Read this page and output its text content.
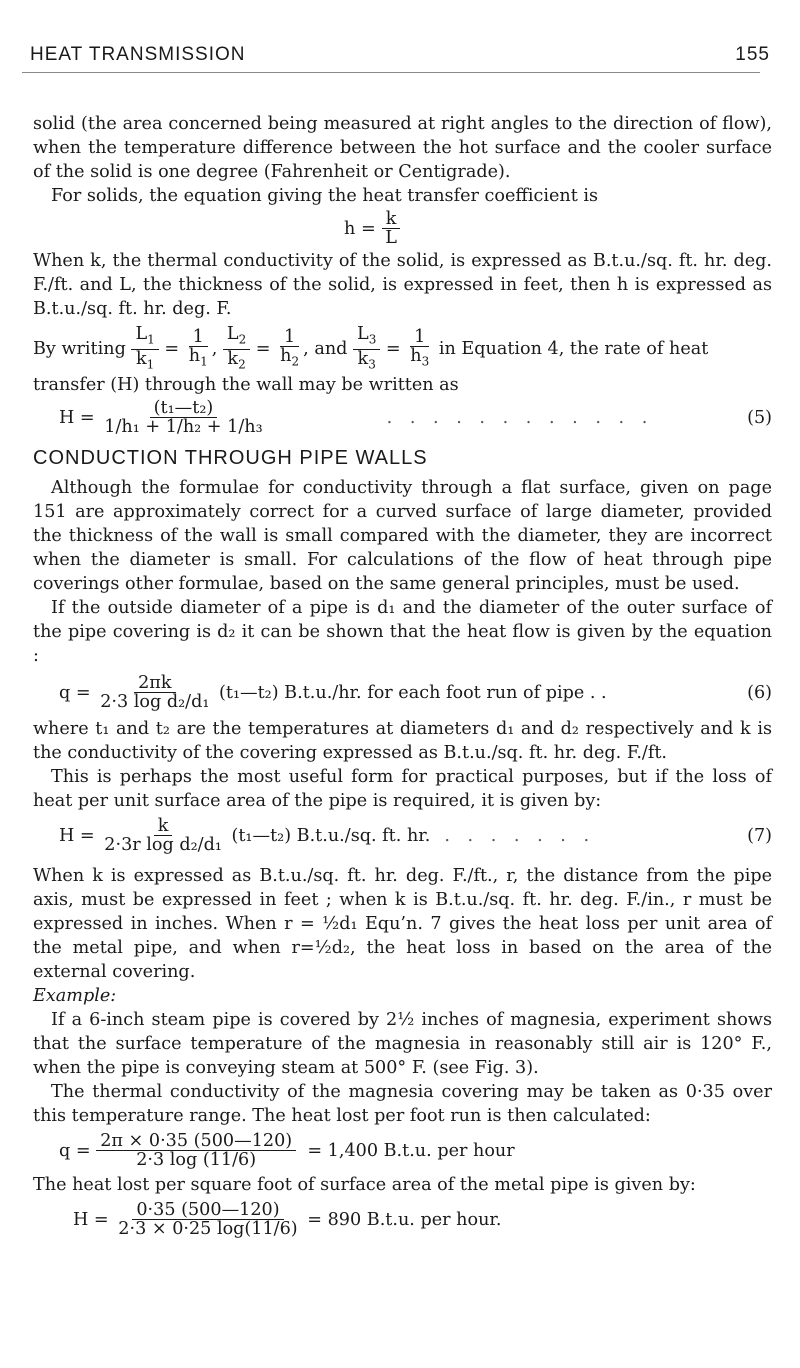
HEAT TRANSMISSION	155

solid (the area concerned being measured at right angles to the direction of flow), when the temperature difference between the hot surface and the cooler surface of the solid is one degree (Fahrenheit or Centigrade).

For solids, the equation giving the heat transfer coefficient is

h =
$\frac{k}{L}$

When k, the thermal conductivity of the solid, is expressed as B.t.u./sq. ft. hr. deg. F./ft. and L, the thickness of the solid, is expressed in feet, then h is expressed as B.t.u./sq. ft. hr. deg. F.

By writing $\frac{L_1}{k_1} = \frac{1}{h_1}$ , $\frac{L_2}{k_2} = \frac{1}{h_2}$ , and $\frac{L_3}{k_3} = \frac{1}{h_3}$ in Equation 4, the rate of heat transfer (H) through the wall may be written as
H =
$\frac{\text{(t₁—t₂)}}{\text{1/h₁ + 1/h₂ + 1/h₃}}$	. . . . . . . . . . . .	(5)
CONDUCTION THROUGH PIPE WALLS

Although the formulae for conductivity through a flat surface, given on page 151 are approximately correct for a curved surface of large diameter, provided the thickness of the wall is small compared with the diameter, they are incorrect when the diameter is small. For calculations of the flow of heat through pipe coverings other formulae, based on the same general principles, must be used.

If the outside diameter of a pipe is d₁ and the diameter of the outer surface of the pipe covering is d₂ it can be shown that the heat flow is given by the equation :

q =
$\frac{2\pi k}{\text{2·3 log d₂/d₁}}$
(t₁—t₂) B.t.u./hr. for each foot run of pipe . .	(6)

where t₁ and t₂ are the temperatures at diameters d₁ and d₂ respectively and k is the conductivity of the covering expressed as B.t.u./sq. ft. hr. deg. F./ft.

This is perhaps the most useful form for practical purposes, but if the loss of heat per unit surface area of the pipe is required, it is given by:

H =
$\frac{k}{\text{2·3r log d₂/d₁}}$
(t₁—t₂) B.t.u./sq. ft. hr. . . . . . . .	(7)

When k is expressed as B.t.u./sq. ft. hr. deg. F./ft., r, the distance from the pipe axis, must be expressed in feet ; when k is B.t.u./sq. ft. hr. deg. F./in., r must be expressed in inches. When r = ½d₁ Equ’n. 7 gives the heat loss per unit area of the metal pipe, and when r=½d₂, the heat loss in based on the area of the external covering.

Example:

If a 6-inch steam pipe is covered by 2½ inches of magnesia, experiment shows that the surface temperature of the magnesia in reasonably still air is 120° F., when the pipe is conveying steam at 500° F. (see Fig. 3).

The thermal conductivity of the magnesia covering may be taken as 0·35 over this temperature range. The heat lost per foot run is then calculated:

q =
$\frac{2\pi \times 0\cdot 35 (500—120)}{2\cdot 3 \log (11/6)}$
= 1,400 B.t.u. per hour

The heat lost per square foot of surface area of the metal pipe is given by:

H =
$\frac{0\cdot 35 (500—120)}{2\cdot 3 \times 0\cdot 25 \log(11/6)}$
= 890 B.t.u. per hour.
